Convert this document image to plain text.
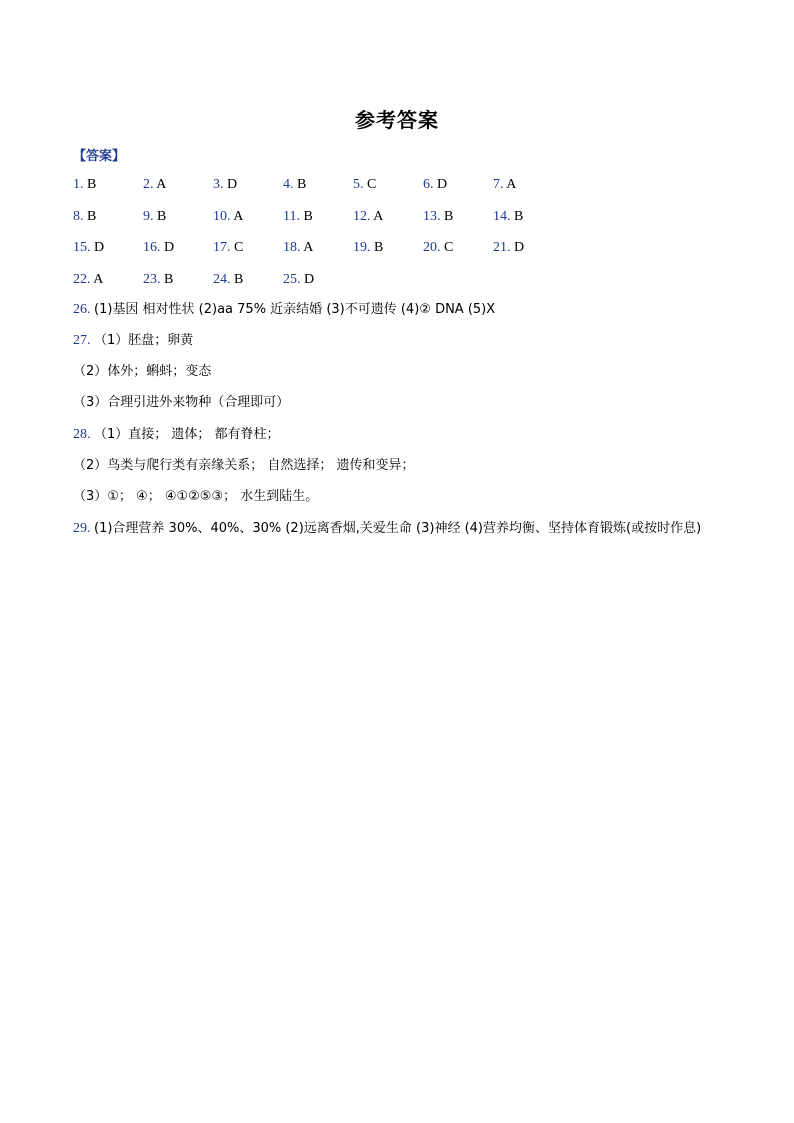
参考答案
【答案】
1. B	2. A	3. D	4. B	5. C	6. D	7. A
8. B	9. B	10. A	11. B	12. A	13. B	14. B
15. D	16. D	17. C	18. A	19. B	20. C	21. D
22. A	23. B	24. B	25. D
26. (1)基因 相对性状 (2)aa 75% 近亲结婚 (3)不可遗传 (4)② DNA (5)X
27. （1）胚盘；卵黄
（2）体外；蝌蚪；变态
（3）合理引进外来物种（合理即可）
28. （1）直接； 遗体； 都有脊柱；
（2）鸟类与爬行类有亲缘关系； 自然选择； 遗传和变异；
（3）①； ④； ④①②⑤③； 水生到陆生。
29. (1)合理营养 30%、40%、30% (2)远离香烟,关爱生命 (3)神经 (4)营养均衡、坚持体育锻炼(或按时作息)
